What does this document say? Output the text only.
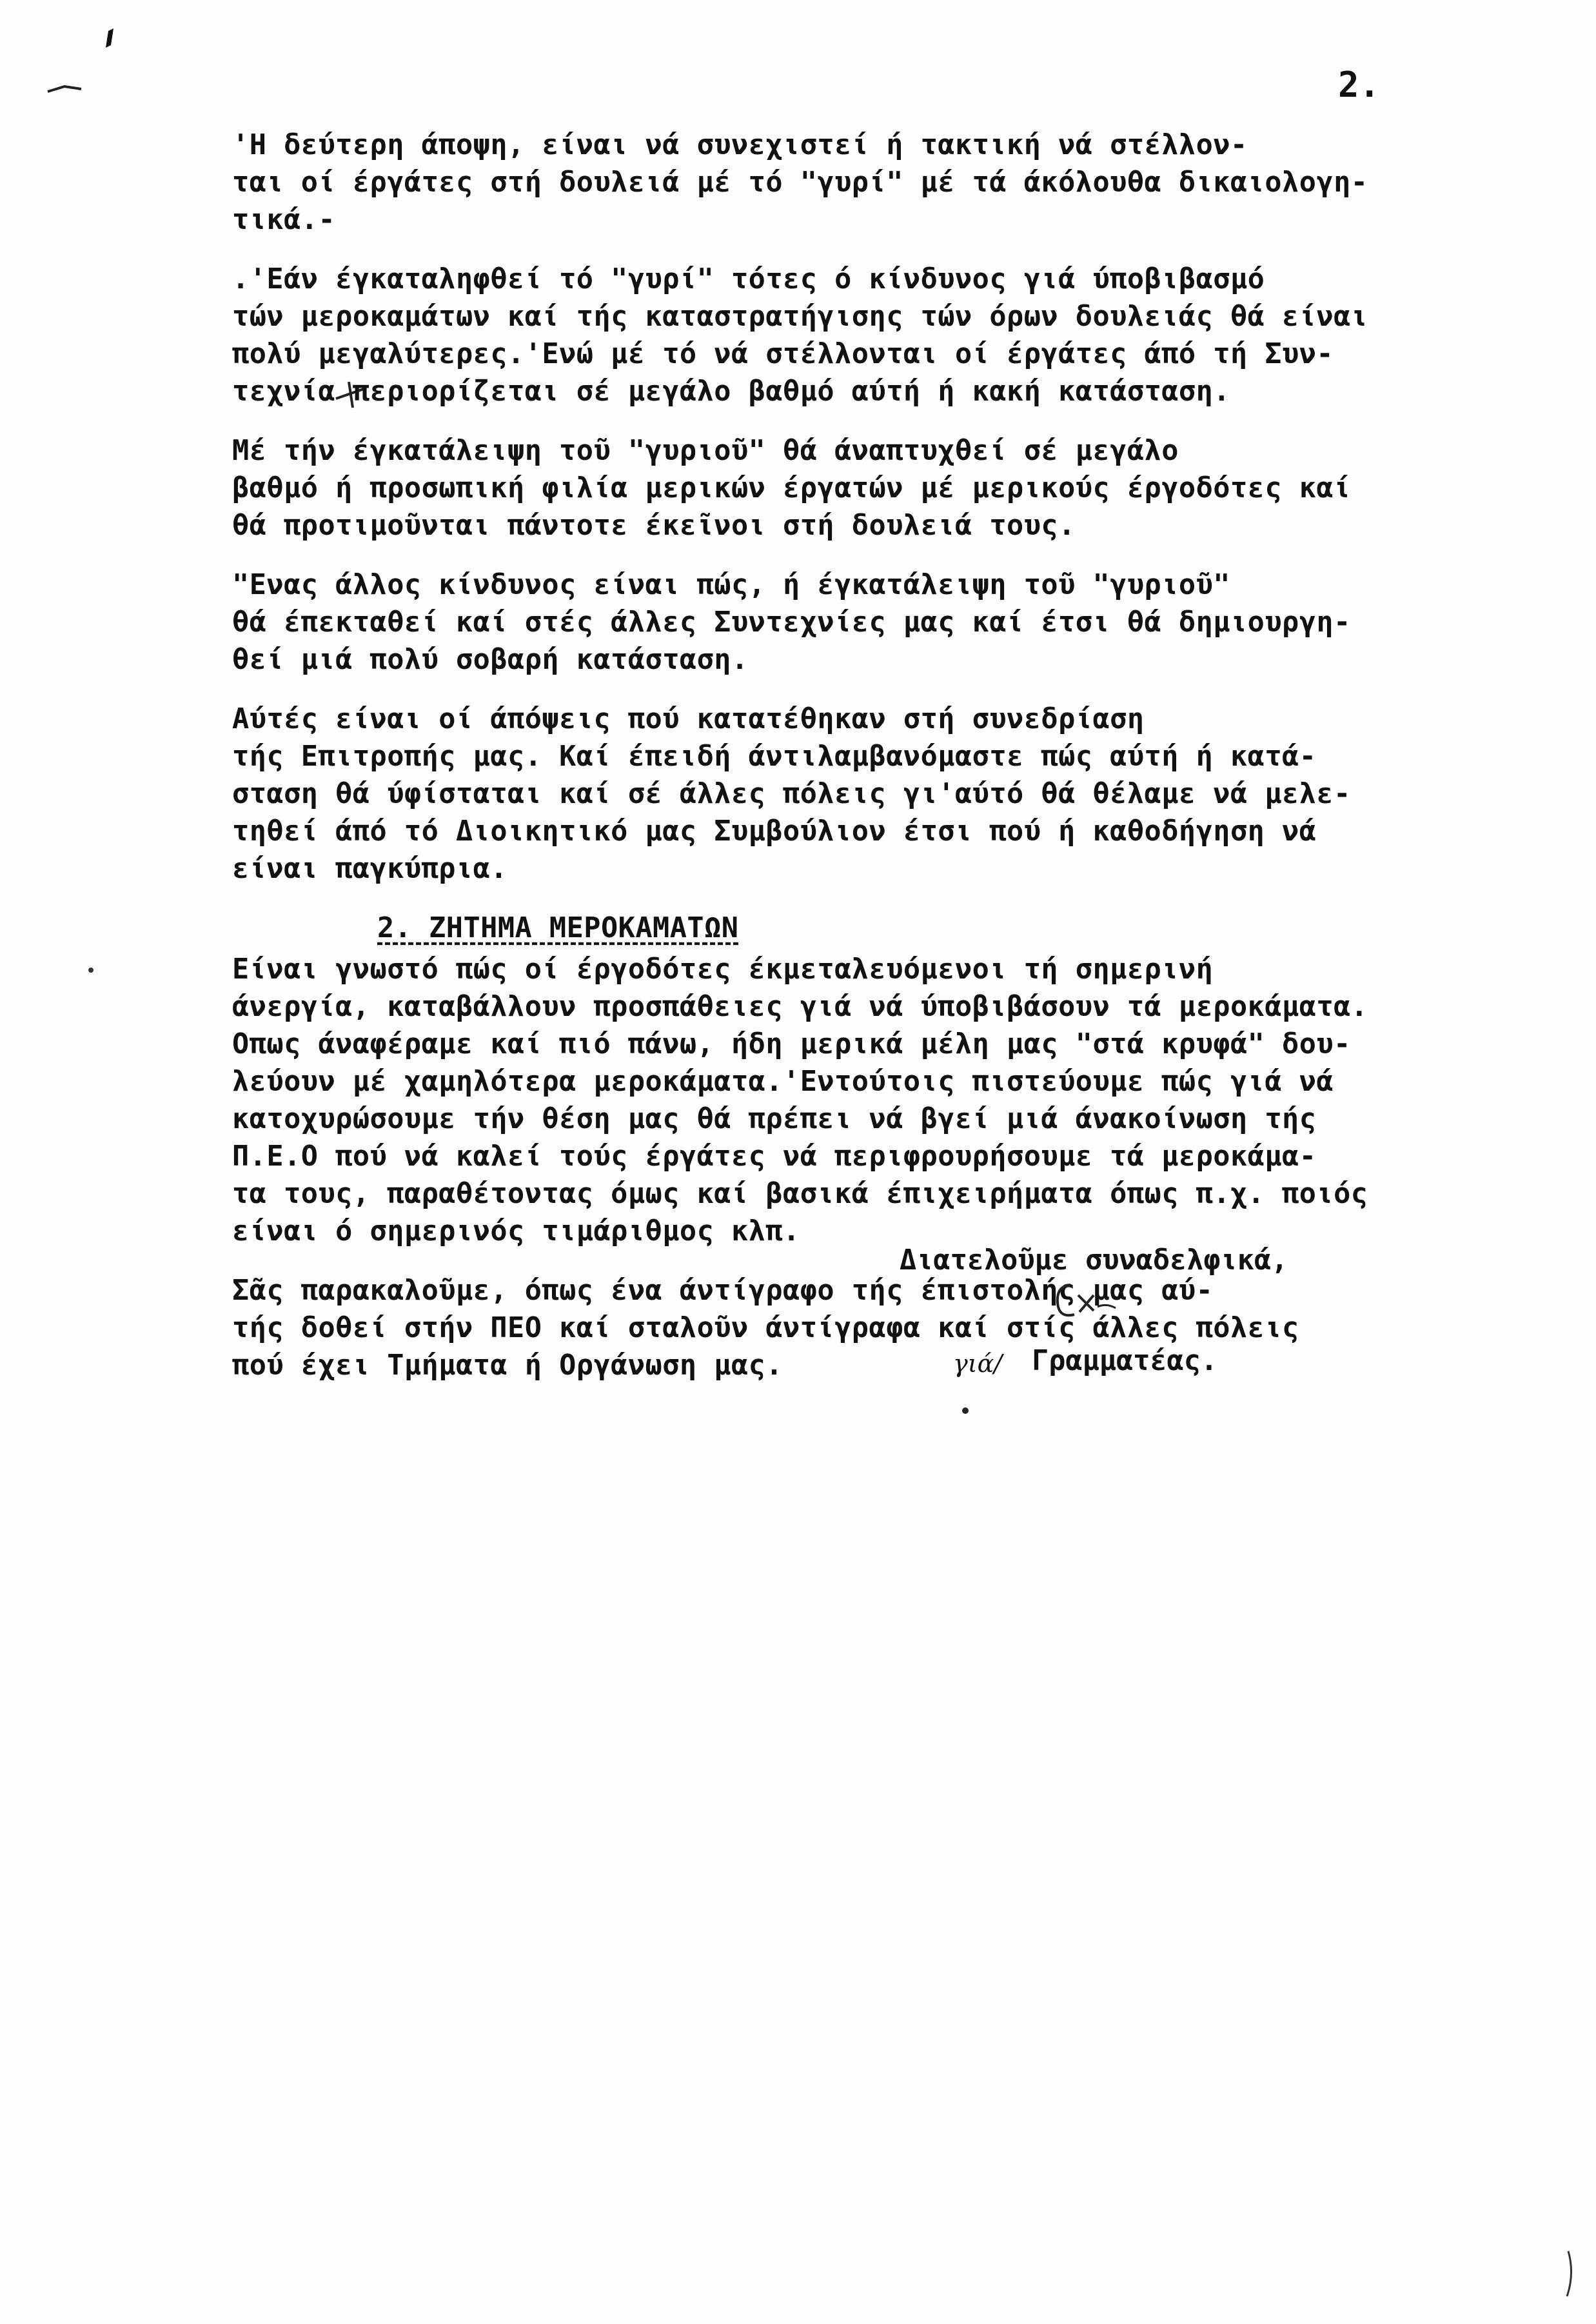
2.
'Η δεύτερη άποψη, είναι νά συνεχιστεί ή τακτική νά στέλλον-
ται οί έργάτες στή δουλειά μέ τό "γυρί" μέ τά άκόλουθα δικαιολογη-
τικά.-
.'Εάν έγκαταληφθεί τό "γυρί" τότες ό κίνδυνος γιά ύποβιβασμό
τών μεροκαμάτων καί τής καταστρατήγισης τών όρων δουλειάς θά είναι
πολύ μεγαλύτερες.'Ενώ μέ τό νά στέλλονται οί έργάτες άπό τή Συν-
τεχνία περιορίζεται σέ μεγάλο βαθμό αύτή ή κακή κατάσταση.
Μέ τήν έγκατάλειψη τοῦ "γυριοῦ" θά άναπτυχθεί σέ μεγάλο
βαθμό ή προσωπική φιλία μερικών έργατών μέ μερικούς έργοδότες καί
θά προτιμοῦνται πάντοτε έκεῖνοι στή δουλειά τους.
"Ενας άλλος κίνδυνος είναι πώς, ή έγκατάλειψη τοῦ "γυριοῦ"
θά έπεκταθεί καί στές άλλες Συντεχνίες μας καί έτσι θά δημιουργη-
θεί μιά πολύ σοβαρή κατάσταση.
Αύτές είναι οί άπόψεις πού κατατέθηκαν στή συνεδρίαση
τής Επιτροπής μας. Καί έπειδή άντιλαμβανόμαστε πώς αύτή ή κατά-
σταση θά ύφίσταται καί σέ άλλες πόλεις γι'αύτό θά θέλαμε νά μελε-
τηθεί άπό τό Διοικητικό μας Συμβούλιον έτσι πού ή καθοδήγηση νά
είναι παγκύπρια.
2. ΖΗΤΗΜΑ ΜΕΡΟΚΑΜΑΤΩΝ
Είναι γνωστό πώς οί έργοδότες έκμεταλευόμενοι τή σημερινή
άνεργία, καταβάλλουν προσπάθειες γιά νά ύποβιβάσουν τά μεροκάματα.
Οπως άναφέραμε καί πιό πάνω, ήδη μερικά μέλη μας "στά κρυφά" δου-
λεύουν μέ χαμηλότερα μεροκάματα.'Εντούτοις πιστεύουμε πώς γιά νά
κατοχυρώσουμε τήν θέση μας θά πρέπει νά βγεί μιά άνακοίνωση τής
Π.Ε.Ο πού νά καλεί τούς έργάτες νά περιφρουρήσουμε τά μεροκάμα-
τα τους, παραθέτοντας όμως καί βασικά έπιχειρήματα όπως π.χ. ποιός
είναι ό σημερινός τιμάριθμος κλπ.
Σᾶς παρακαλοῦμε, όπως ένα άντίγραφο τής έπιστολής μας αύ-
τής δοθεί στήν ΠΕΟ καί σταλοῦν άντίγραφα καί στίς άλλες πόλεις
πού έχει Τμήματα ή Οργάνωση μας.
Διατελοῦμε συναδελφικά,
γιά/ Γραμματέας.
